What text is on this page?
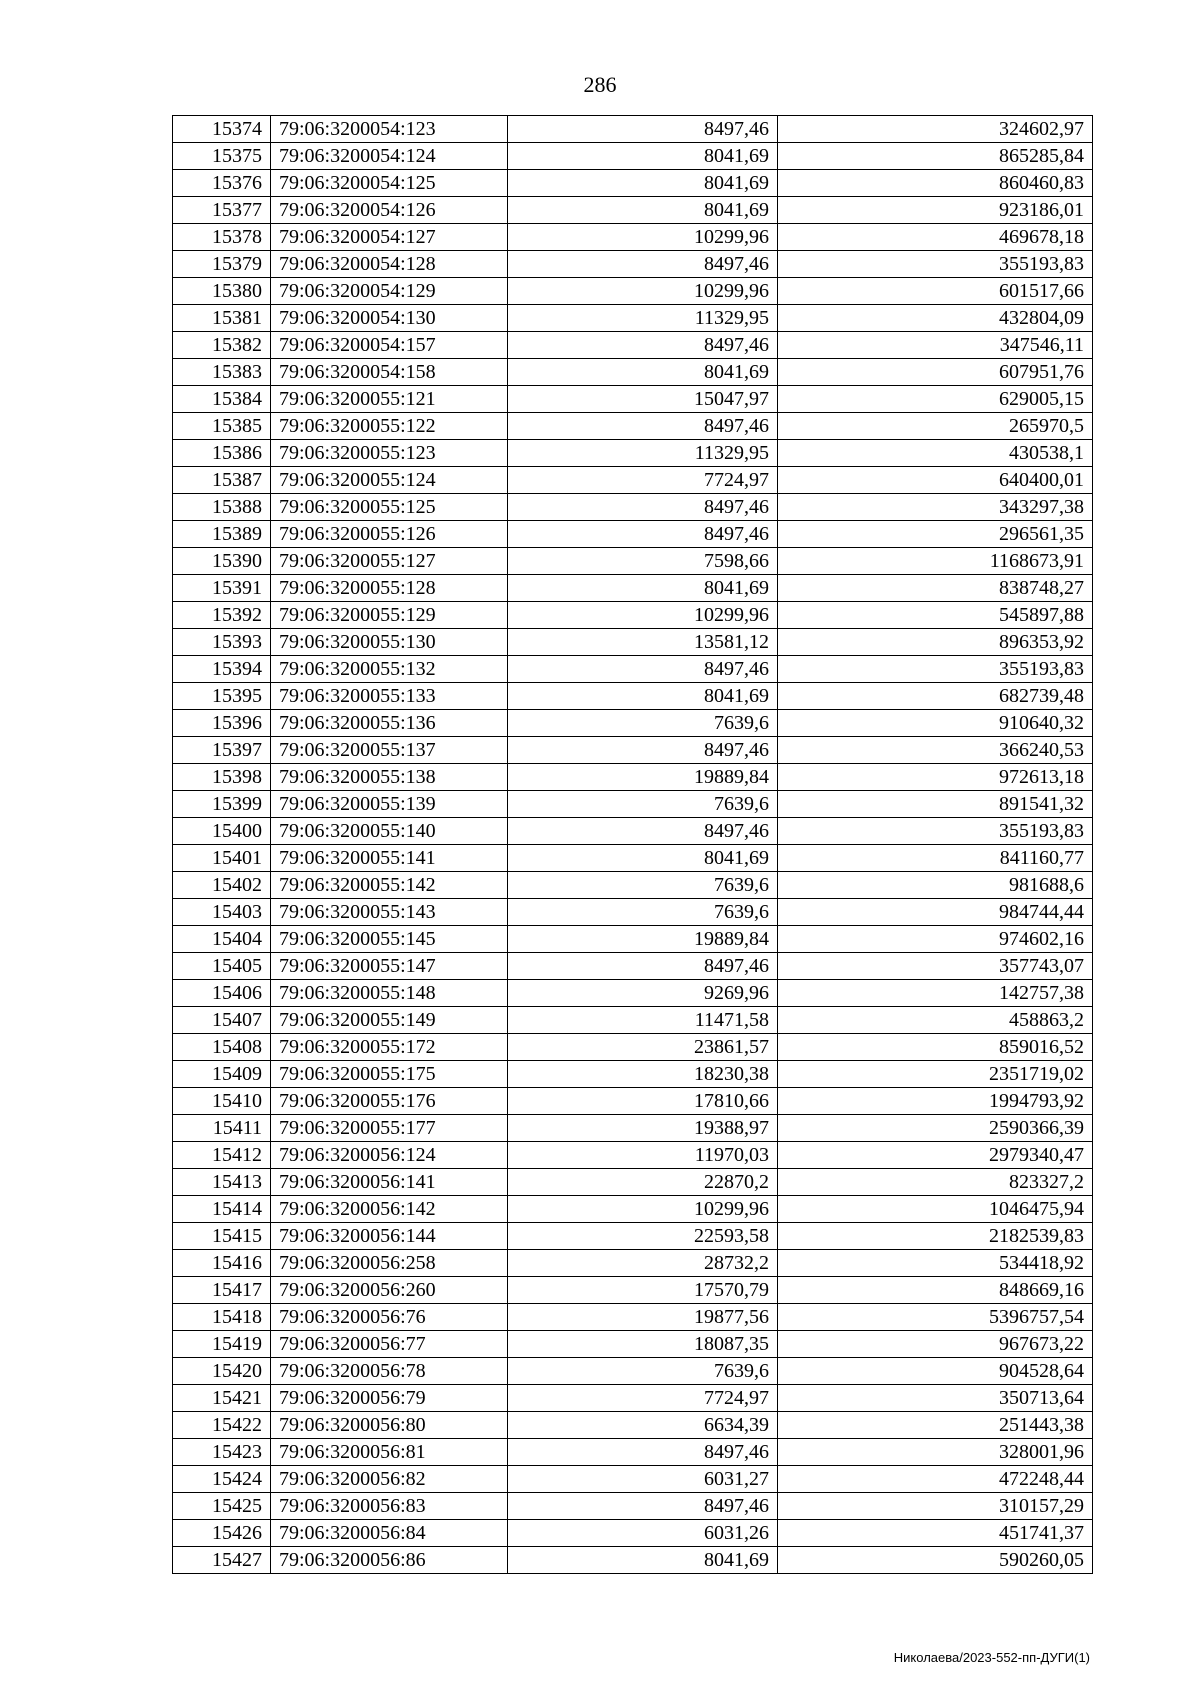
286
15374	79:06:3200054:123	8497,46	324602,97
15375	79:06:3200054:124	8041,69	865285,84
15376	79:06:3200054:125	8041,69	860460,83
15377	79:06:3200054:126	8041,69	923186,01
15378	79:06:3200054:127	10299,96	469678,18
15379	79:06:3200054:128	8497,46	355193,83
15380	79:06:3200054:129	10299,96	601517,66
15381	79:06:3200054:130	11329,95	432804,09
15382	79:06:3200054:157	8497,46	347546,11
15383	79:06:3200054:158	8041,69	607951,76
15384	79:06:3200055:121	15047,97	629005,15
15385	79:06:3200055:122	8497,46	265970,5
15386	79:06:3200055:123	11329,95	430538,1
15387	79:06:3200055:124	7724,97	640400,01
15388	79:06:3200055:125	8497,46	343297,38
15389	79:06:3200055:126	8497,46	296561,35
15390	79:06:3200055:127	7598,66	1168673,91
15391	79:06:3200055:128	8041,69	838748,27
15392	79:06:3200055:129	10299,96	545897,88
15393	79:06:3200055:130	13581,12	896353,92
15394	79:06:3200055:132	8497,46	355193,83
15395	79:06:3200055:133	8041,69	682739,48
15396	79:06:3200055:136	7639,6	910640,32
15397	79:06:3200055:137	8497,46	366240,53
15398	79:06:3200055:138	19889,84	972613,18
15399	79:06:3200055:139	7639,6	891541,32
15400	79:06:3200055:140	8497,46	355193,83
15401	79:06:3200055:141	8041,69	841160,77
15402	79:06:3200055:142	7639,6	981688,6
15403	79:06:3200055:143	7639,6	984744,44
15404	79:06:3200055:145	19889,84	974602,16
15405	79:06:3200055:147	8497,46	357743,07
15406	79:06:3200055:148	9269,96	142757,38
15407	79:06:3200055:149	11471,58	458863,2
15408	79:06:3200055:172	23861,57	859016,52
15409	79:06:3200055:175	18230,38	2351719,02
15410	79:06:3200055:176	17810,66	1994793,92
15411	79:06:3200055:177	19388,97	2590366,39
15412	79:06:3200056:124	11970,03	2979340,47
15413	79:06:3200056:141	22870,2	823327,2
15414	79:06:3200056:142	10299,96	1046475,94
15415	79:06:3200056:144	22593,58	2182539,83
15416	79:06:3200056:258	28732,2	534418,92
15417	79:06:3200056:260	17570,79	848669,16
15418	79:06:3200056:76	19877,56	5396757,54
15419	79:06:3200056:77	18087,35	967673,22
15420	79:06:3200056:78	7639,6	904528,64
15421	79:06:3200056:79	7724,97	350713,64
15422	79:06:3200056:80	6634,39	251443,38
15423	79:06:3200056:81	8497,46	328001,96
15424	79:06:3200056:82	6031,27	472248,44
15425	79:06:3200056:83	8497,46	310157,29
15426	79:06:3200056:84	6031,26	451741,37
15427	79:06:3200056:86	8041,69	590260,05
Николаева/2023-552-пп-ДУГИ(1)
